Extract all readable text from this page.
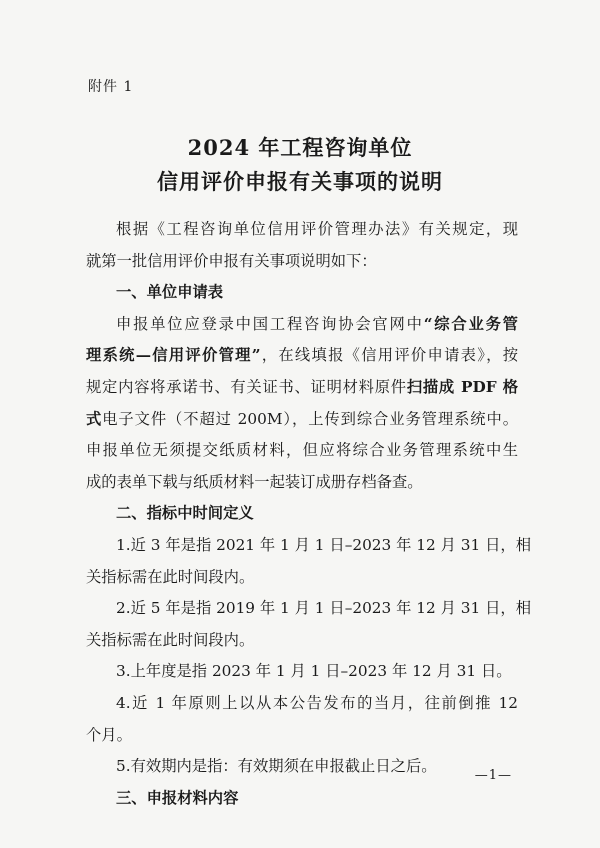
附件 1
2024 年工程咨询单位
信用评价申报有关事项的说明
根据《工程咨询单位信用评价管理办法》有关规定，现
就第一批信用评价申报有关事项说明如下：
一、单位申请表
申报单位应登录中国工程咨询协会官网中“综合业务管
理系统—信用评价管理”，在线填报《信用评价申请表》，按
规定内容将承诺书、有关证书、证明材料原件扫描成 PDF 格
式电子文件（不超过 200M），上传到综合业务管理系统中。
申报单位无须提交纸质材料，但应将综合业务管理系统中生
成的表单下载与纸质材料一起装订成册存档备查。
二、指标中时间定义
1.近 3 年是指 2021 年 1 月 1 日–2023 年 12 月 31 日，相
关指标需在此时间段内。
2.近 5 年是指 2019 年 1 月 1 日–2023 年 12 月 31 日，相
关指标需在此时间段内。
3.上年度是指 2023 年 1 月 1 日–2023 年 12 月 31 日。
4.近 1 年原则上以从本公告发布的当月，往前倒推 12
个月。
5.有效期内是指：有效期须在申报截止日之后。
三、申报材料内容
—1—
